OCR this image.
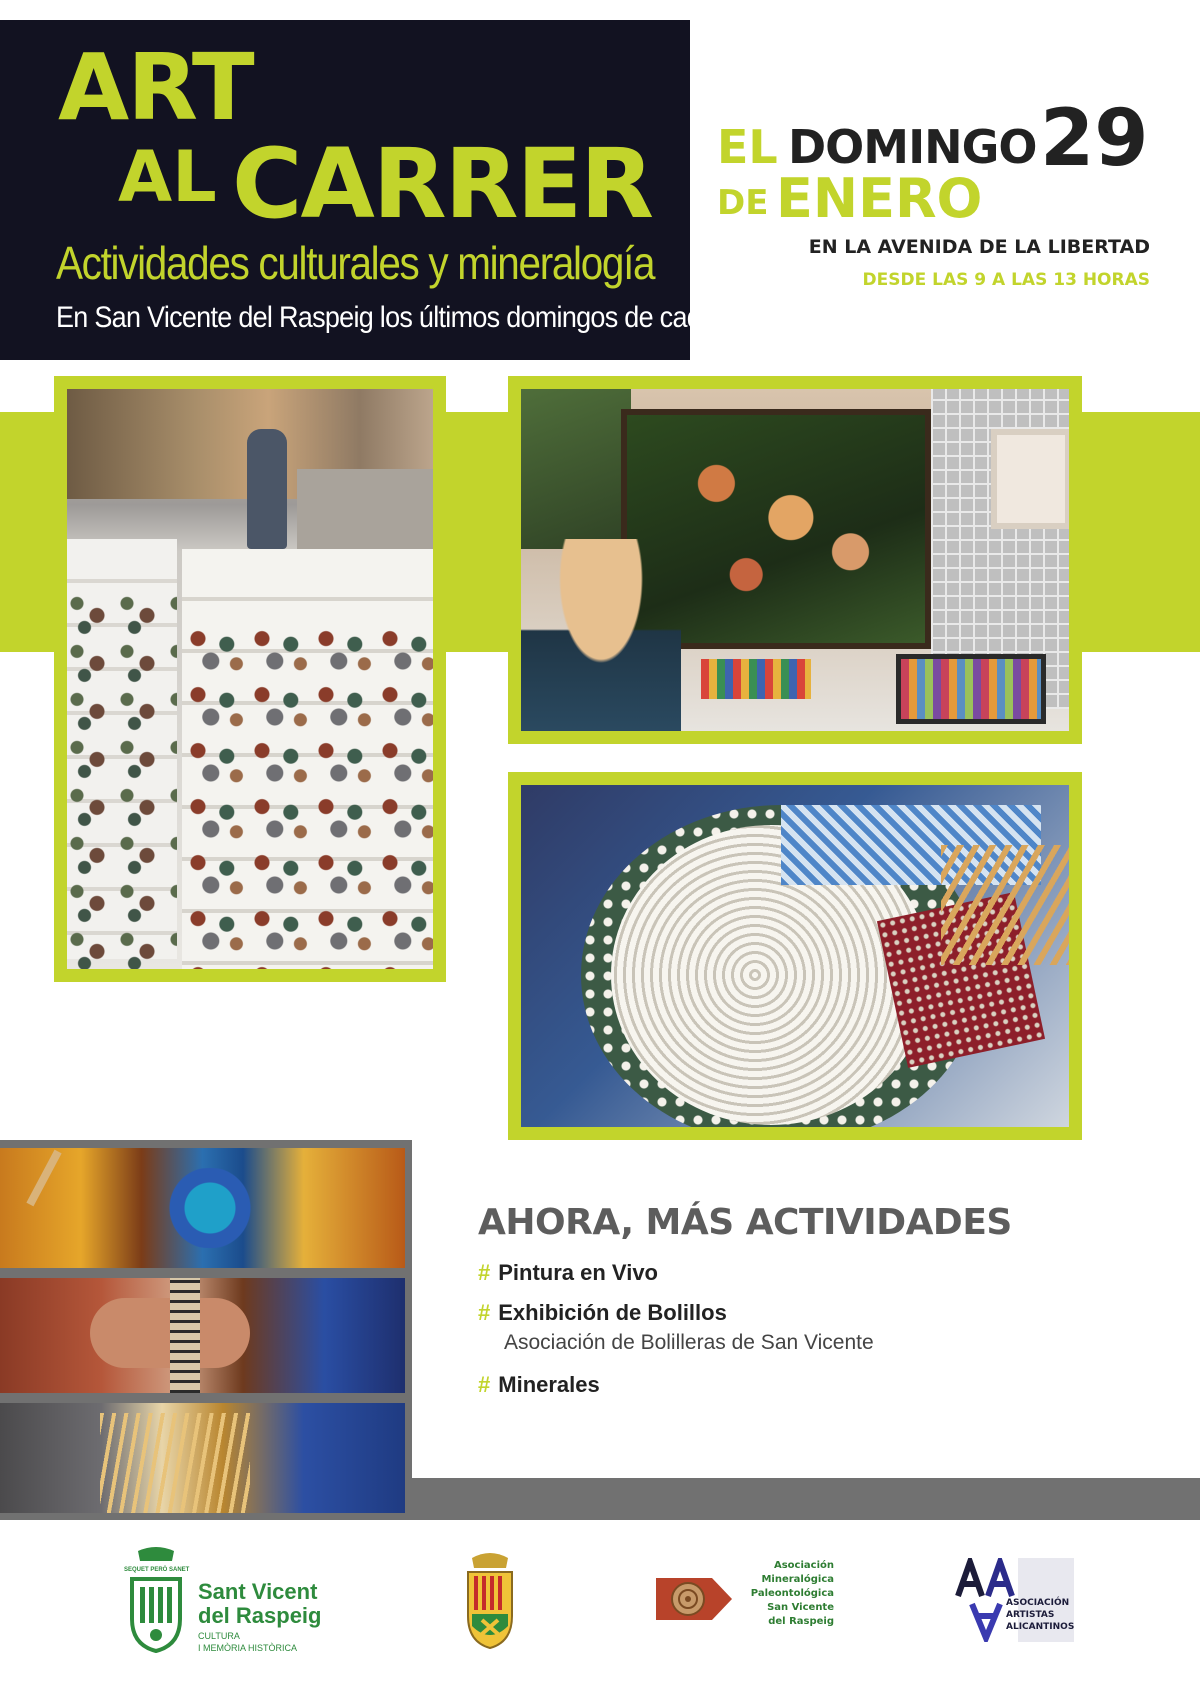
ART
AL CARRER
Actividades culturales y mineralogía
En San Vicente del Raspeig los últimos domingos de cada mes
EL DOMINGO 29
DE ENERO
EN LA AVENIDA DE LA LIBERTAD
DESDE LAS 9 A LAS 13 HORAS
AHORA, MÁS ACTIVIDADES
# Pintura en Vivo
# Exhibición de Bolillos
Asociación de Bolilleras de San Vicente
# Minerales
SEQUET PERÒ SANET
Sant Vicent
del Raspeig
CULTURA
I MEMÒRIA HISTÒRICA
Asociación
Mineralógica
Paleontológica
San Vicente
del Raspeig
ASOCIACIÓN
ARTISTAS
ALICANTINOS
